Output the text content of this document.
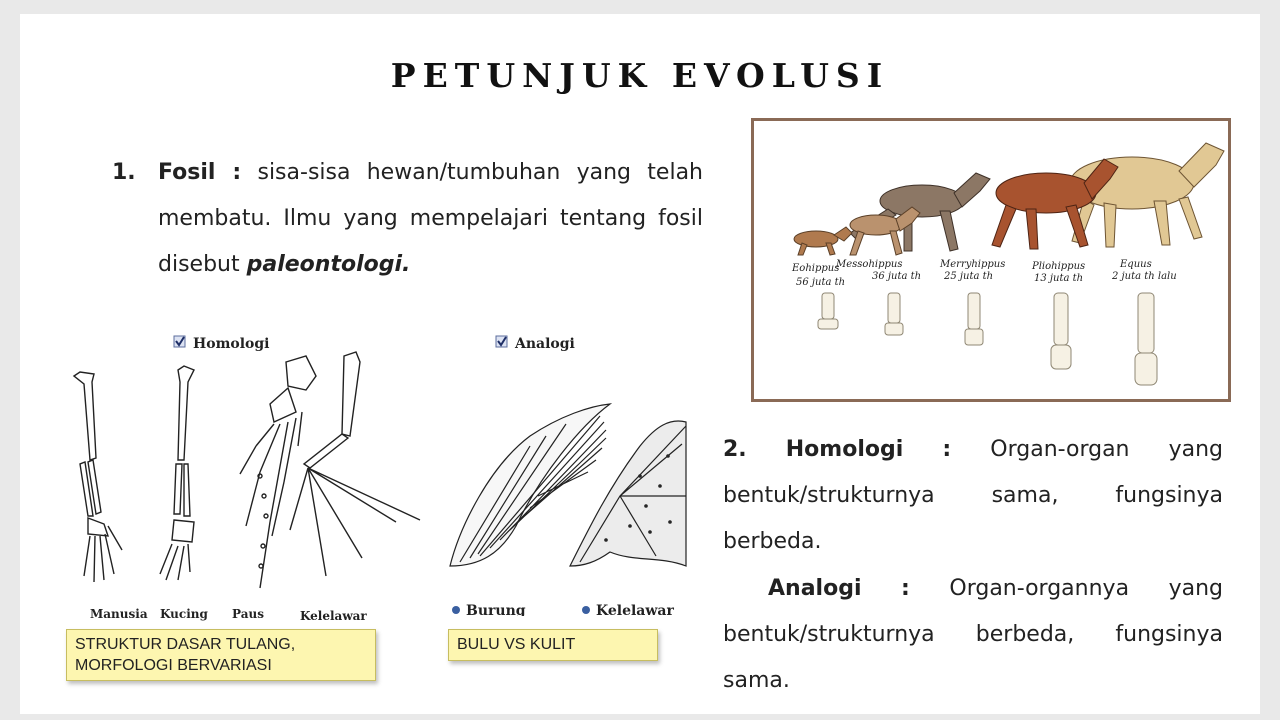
PETUNJUK EVOLUSI
1. Fosil : sisa-sisa hewan/tumbuhan yang telah membatu. Ilmu yang mempelajari tentang fosil disebut paleontologi.	Eohippus
56 juta th
Messohippus
36 juta th
Merryhippus
25 juta th
Pliohippus
13 juta th
Equus
2 juta th lalu
Homologi
Manusia Kucing Paus	Kelelawar
STRUKTUR DASAR TULANG,
MORFOLOGI BERVARIASI
Analogi
Burung	Kelelawar
BULU VS KULIT
2. Homologi : Organ-organ yang bentuk/strukturnya sama, fungsinya berbeda.
Analogi : Organ-organnya yang bentuk/strukturnya berbeda, fungsinya sama.
